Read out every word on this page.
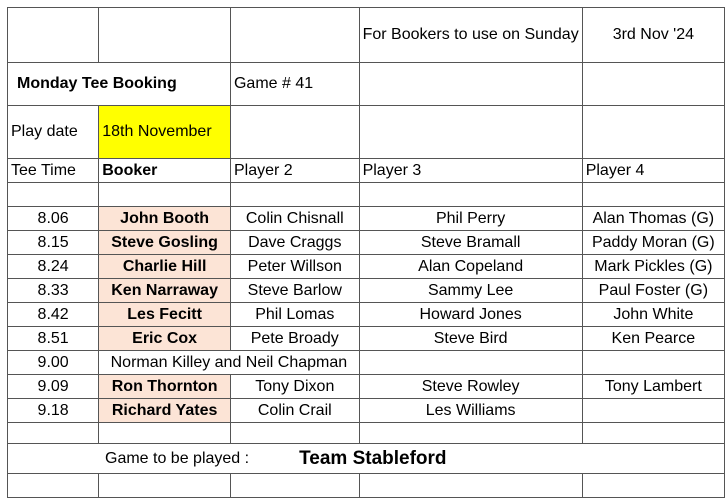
			For Bookers to use on Sunday	3rd Nov '24
Monday Tee Booking		Game # 41		
Play date	18th November			
Tee Time	Booker	Player 2	Player 3	Player 4

8.06	John Booth	Colin Chisnall	Phil Perry	Alan Thomas (G)
8.15	Steve Gosling	Dave Craggs	Steve Bramall	Paddy Moran (G)
8.24	Charlie Hill	Peter Willson	Alan Copeland	Mark Pickles (G)
8.33	Ken Narraway	Steve Barlow	Sammy Lee	Paul Foster (G)
8.42	Les Fecitt	Phil Lomas	Howard Jones	John White
8.51	Eric Cox	Pete Broady	Steve Bird	Ken Pearce
9.00	Norman Killey and Neil Chapman			
9.09	Ron Thornton	Tony Dixon	Steve Rowley	Tony Lambert
9.18	Richard Yates	Colin Crail	Les Williams	

Game to be played :			Team Stableford	
